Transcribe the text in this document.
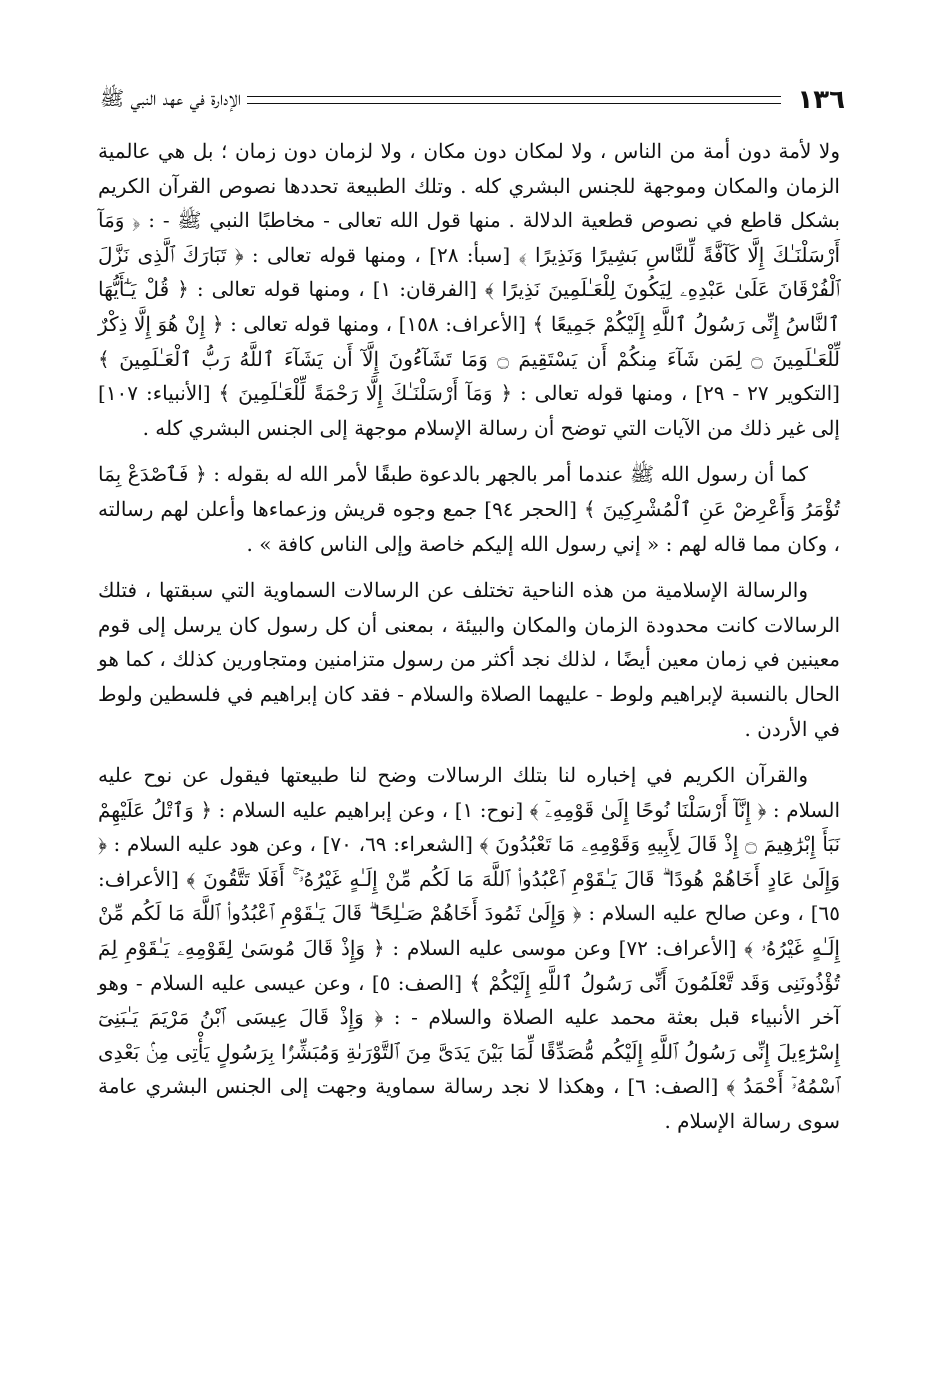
١٣٦
الإدارة في عهد النبي ﷺ

ولا لأمة دون أمة من الناس ، ولا لمكان دون مكان ، ولا لزمان دون زمان ؛ بل هي عالمية الزمان والمكان وموجهة للجنس البشري كله . وتلك الطبيعة تحددها نصوص القرآن الكريم بشكل قاطع في نصوص قطعية الدلالة . منها قول الله تعالى - مخاطبًا النبي ﷺ - : ﴿ وَمَآ أَرْسَلْنَـٰكَ إِلَّا كَآفَّةً لِّلنَّاسِ بَشِيرًا وَنَذِيرًا ﴾ [سبأ: ٢٨] ، ومنها قوله تعالى : ﴿ تَبَارَكَ ٱلَّذِى نَزَّلَ ٱلْفُرْقَانَ عَلَىٰ عَبْدِهِۦ لِيَكُونَ لِلْعَـٰلَمِينَ نَذِيرًا ﴾ [الفرقان: ١] ، ومنها قوله تعالى : ﴿ قُلْ يَـٰٓأَيُّهَا ٱلنَّاسُ إِنِّى رَسُولُ ٱللَّهِ إِلَيْكُمْ جَمِيعًا ﴾ [الأعراف: ١٥٨] ، ومنها قوله تعالى : ﴿ إِنْ هُوَ إِلَّا ذِكْرٌ لِّلْعَـٰلَمِينَ ۝ لِمَن شَآءَ مِنكُمْ أَن يَسْتَقِيمَ ۝ وَمَا تَشَآءُونَ إِلَّآ أَن يَشَآءَ ٱللَّهُ رَبُّ ٱلْعَـٰلَمِينَ ﴾ [التكوير ٢٧ - ٢٩] ، ومنها قوله تعالى : ﴿ وَمَآ أَرْسَلْنَـٰكَ إِلَّا رَحْمَةً لِّلْعَـٰلَمِينَ ﴾ [الأنبياء: ١٠٧] إلى غير ذلك من الآيات التي توضح أن رسالة الإسلام موجهة إلى الجنس البشري كله .

كما أن رسول الله ﷺ عندما أمر بالجهر بالدعوة طبقًا لأمر الله له بقوله : ﴿ فَٱصْدَعْ بِمَا تُؤْمَرُ وَأَعْرِضْ عَنِ ٱلْمُشْرِكِينَ ﴾ [الحجر ٩٤] جمع وجوه قريش وزعماءها وأعلن لهم رسالته ، وكان مما قاله لهم : « إني رسول الله إليكم خاصة وإلى الناس كافة » .

والرسالة الإسلامية من هذه الناحية تختلف عن الرسالات السماوية التي سبقتها ، فتلك الرسالات كانت محدودة الزمان والمكان والبيئة ، بمعنى أن كل رسول كان يرسل إلى قوم معينين في زمان معين أيضًا ، لذلك نجد أكثر من رسول متزامنين ومتجاورين كذلك ، كما هو الحال بالنسبة لإبراهيم ولوط - عليهما الصلاة والسلام - فقد كان إبراهيم في فلسطين ولوط في الأردن .

والقرآن الكريم في إخباره لنا بتلك الرسالات وضح لنا طبيعتها فيقول عن نوح عليه السلام : ﴿ إِنَّآ أَرْسَلْنَا نُوحًا إِلَىٰ قَوْمِهِۦٓ ﴾ [نوح: ١] ، وعن إبراهيم عليه السلام : ﴿ وَٱتْلُ عَلَيْهِمْ نَبَأَ إِبْرَٰهِيمَ ۝ إِذْ قَالَ لِأَبِيهِ وَقَوْمِهِۦ مَا تَعْبُدُونَ ﴾ [الشعراء: ٦٩، ٧٠] ، وعن هود عليه السلام : ﴿ وَإِلَىٰ عَادٍ أَخَاهُمْ هُودًا ۗ قَالَ يَـٰقَوْمِ ٱعْبُدُوا۟ ٱللَّهَ مَا لَكُم مِّنْ إِلَـٰهٍ غَيْرُهُۥٓ ۚ أَفَلَا تَتَّقُونَ ﴾ [الأعراف: ٦٥] ، وعن صالح عليه السلام : ﴿ وَإِلَىٰ ثَمُودَ أَخَاهُمْ صَـٰلِحًا ۗ قَالَ يَـٰقَوْمِ ٱعْبُدُوا۟ ٱللَّهَ مَا لَكُم مِّنْ إِلَـٰهٍ غَيْرُهُۥ ﴾ [الأعراف: ٧٢] وعن موسى عليه السلام : ﴿ وَإِذْ قَالَ مُوسَىٰ لِقَوْمِهِۦ يَـٰقَوْمِ لِمَ تُؤْذُونَنِى وَقَد تَّعْلَمُونَ أَنِّى رَسُولُ ٱللَّهِ إِلَيْكُمْ ﴾ [الصف: ٥] ، وعن عيسى عليه السلام - وهو آخر الأنبياء قبل بعثة محمد عليه الصلاة والسلام - : ﴿ وَإِذْ قَالَ عِيسَى ٱبْنُ مَرْيَمَ يَـٰبَنِىٓ إِسْرَٰٓءِيلَ إِنِّى رَسُولُ ٱللَّهِ إِلَيْكُم مُّصَدِّقًا لِّمَا بَيْنَ يَدَىَّ مِنَ ٱلتَّوْرَىٰةِ وَمُبَشِّرًۢا بِرَسُولٍ يَأْتِى مِنۢ بَعْدِى ٱسْمُهُۥٓ أَحْمَدُ ﴾ [الصف: ٦] ، وهكذا لا نجد رسالة سماوية وجهت إلى الجنس البشري عامة سوى رسالة الإسلام .
